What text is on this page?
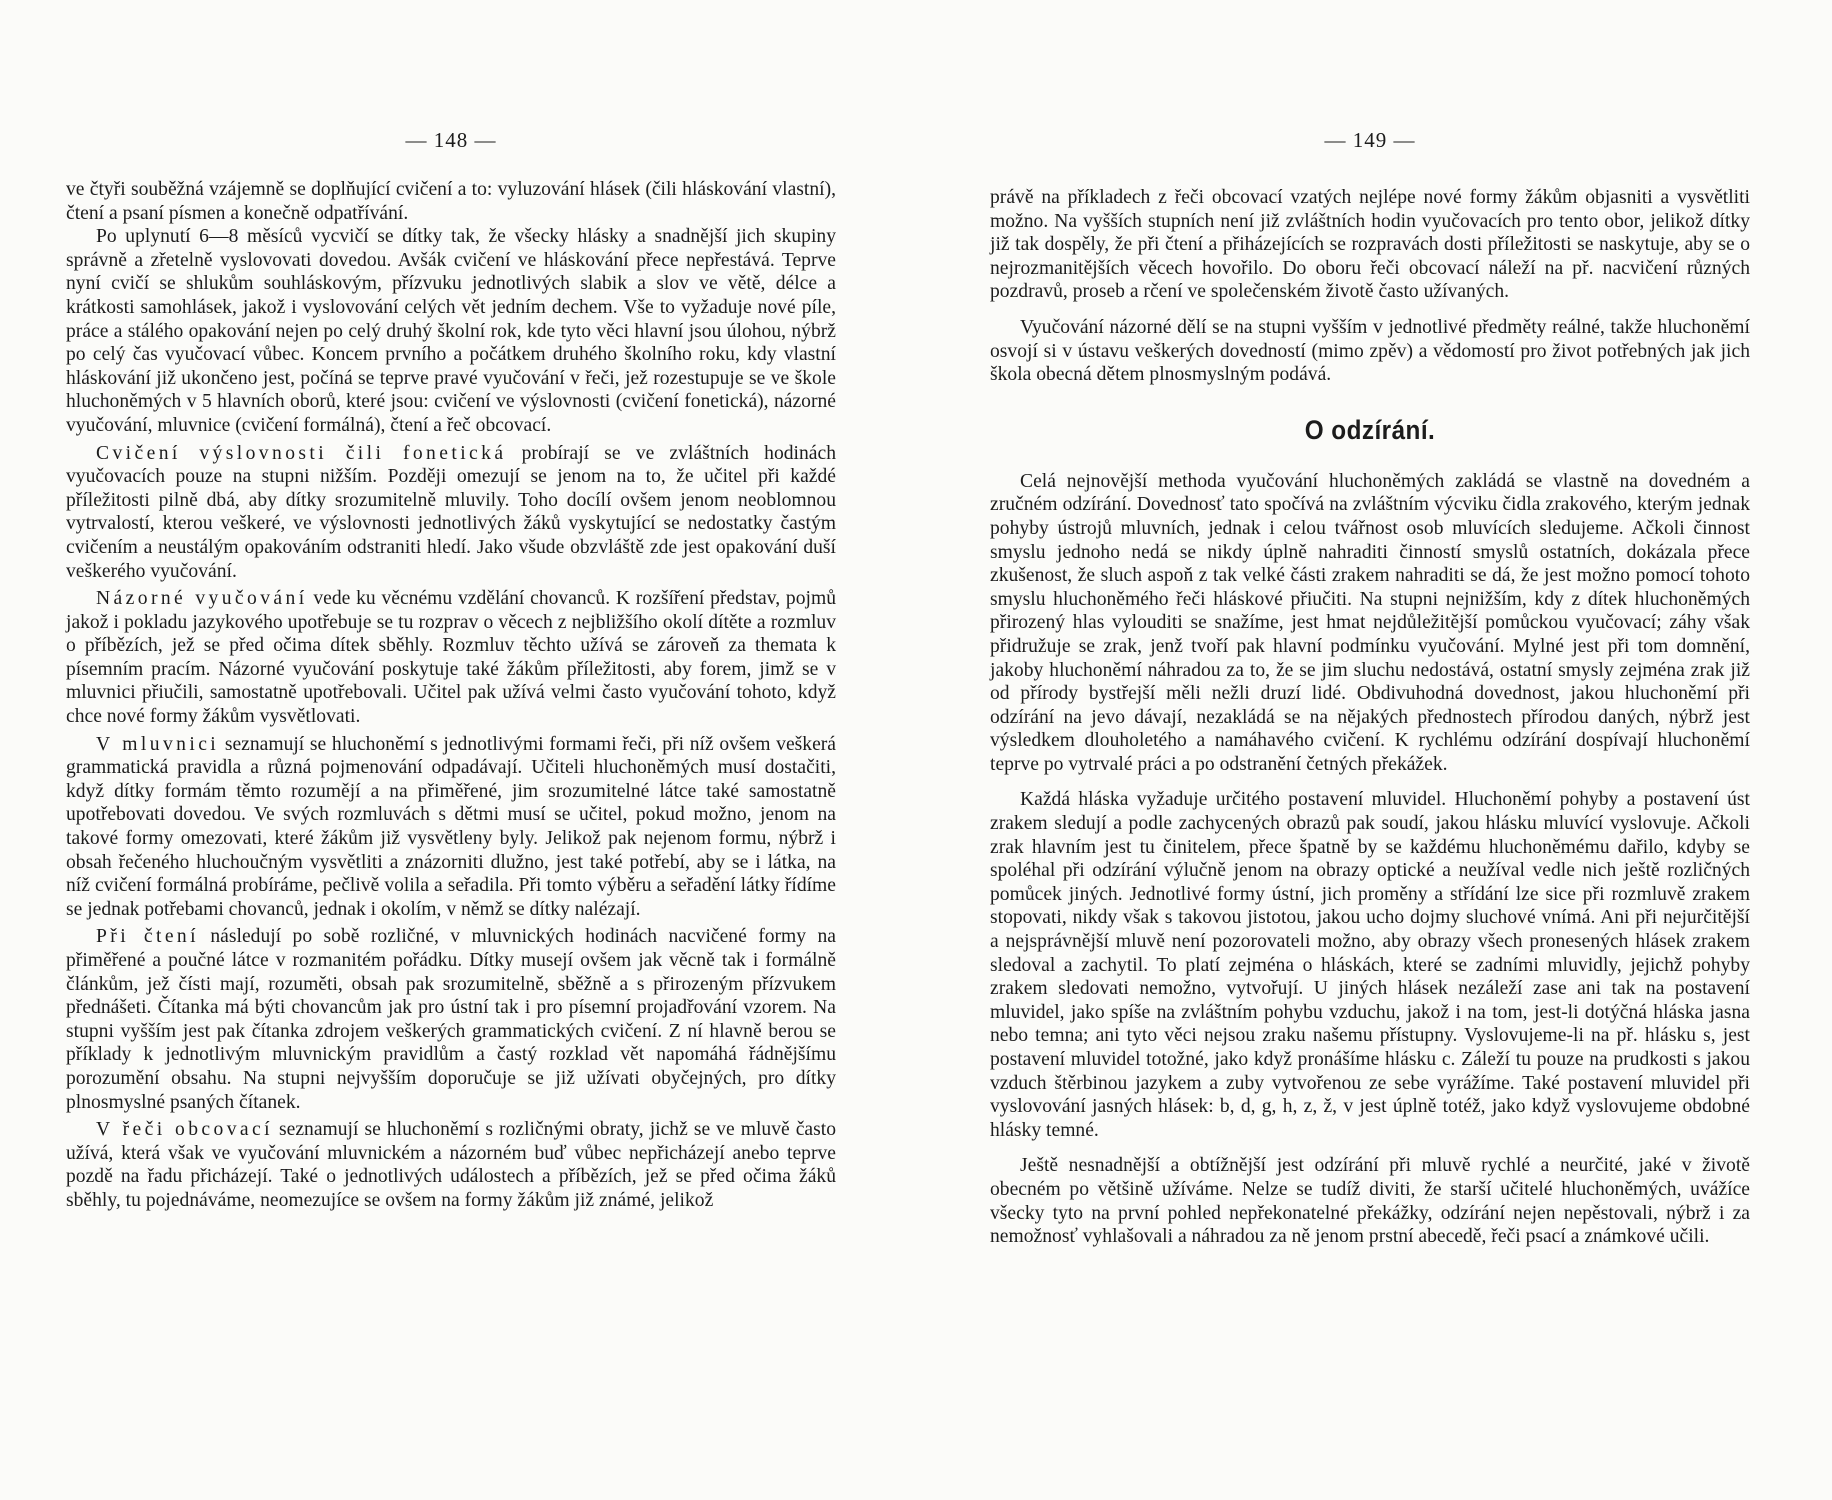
— 148 —

ve čtyři souběžná vzájemně se doplňující cvičení a to: vyluzování hlásek (čili hláskování vlastní), čtení a psaní písmen a konečně odpatřívání.

Po uplynutí 6—8 měsíců vycvičí se dítky tak, že všecky hlásky a snadnější jich skupiny správně a zřetelně vyslovovati dovedou. Avšák cvičení ve hláskování přece nepřestává. Teprve nyní cvičí se shlukům souhláskovým, přízvuku jednotlivých slabik a slov ve větě, délce a krátkosti samohlásek, jakož i vyslovování celých vět jedním dechem. Vše to vyžaduje nové píle, práce a stálého opakování nejen po celý druhý školní rok, kde tyto věci hlavní jsou úlohou, nýbrž po celý čas vyučovací vůbec. Koncem prvního a počátkem druhého školního roku, kdy vlastní hláskování již ukončeno jest, počíná se teprve pravé vyučování v řeči, jež rozestupuje se ve škole hluchoněmých v 5 hlavních oborů, které jsou: cvičení ve výslovnosti (cvičení fonetická), názorné vyučování, mluvnice (cvičení formálná), čtení a řeč obcovací.

Cvičení výslovnosti čili fonetická probírají se ve zvláštních hodinách vyučovacích pouze na stupni nižším. Později omezují se jenom na to, že učitel při každé příležitosti pilně dbá, aby dítky srozumitelně mluvily. Toho docílí ovšem jenom neoblomnou vytrvalostí, kterou veškeré, ve výslovnosti jednotlivých žáků vyskytující se nedostatky častým cvičením a neustálým opakováním odstraniti hledí. Jako všude obzvláště zde jest opakování duší veškerého vyučování.

Názorné vyučování vede ku věcnému vzdělání chovanců. K rozšíření představ, pojmů jakož i pokladu jazykového upotřebuje se tu rozprav o věcech z nejbližšího okolí dítěte a rozmluv o příbězích, jež se před očima dítek sběhly. Rozmluv těchto užívá se zároveň za themata k písemním pracím. Názorné vyučování poskytuje také žákům příležitosti, aby forem, jimž se v mluvnici přiučili, samostatně upotřebovali. Učitel pak užívá velmi často vyučování tohoto, když chce nové formy žákům vysvětlovati.

V mluvnici seznamují se hluchoněmí s jednotlivými formami řeči, při níž ovšem veškerá grammatická pravidla a různá pojmenování odpadávají. Učiteli hluchoněmých musí dostačiti, když dítky formám těmto rozumějí a na přiměřené, jim srozumitelné látce také samostatně upotřebovati dovedou. Ve svých rozmluvách s dětmi musí se učitel, pokud možno, jenom na takové formy omezovati, které žákům již vysvětleny byly. Jelikož pak nejenom formu, nýbrž i obsah řečeného hluchoučným vysvětliti a znázorniti dlužno, jest také potřebí, aby se i látka, na níž cvičení formálná probíráme, pečlivě volila a seřadila. Při tomto výběru a seřadění látky řídíme se jednak potřebami chovanců, jednak i okolím, v němž se dítky nalézají.

Při čtení následují po sobě rozličné, v mluvnických hodinách nacvičené formy na přiměřené a poučné látce v rozmanitém pořádku. Dítky musejí ovšem jak věcně tak i formálně článkům, jež čísti mají, rozuměti, obsah pak srozumitelně, sběžně a s přirozeným přízvukem přednášeti. Čítanka má býti chovancům jak pro ústní tak i pro písemní projadřování vzorem. Na stupni vyšším jest pak čítanka zdrojem veškerých grammatických cvičení. Z ní hlavně berou se příklady k jednotlivým mluvnickým pravidlům a častý rozklad vět napomáhá řádnějšímu porozumění obsahu. Na stupni nejvyšším doporučuje se již užívati obyčejných, pro dítky plnosmyslné psaných čítanek.

V řeči obcovací seznamují se hluchoněmí s rozličnými obraty, jichž se ve mluvě často užívá, která však ve vyučování mluvnickém a názorném buď vůbec nepřicházejí anebo teprve pozdě na řadu přicházejí. Také o jednotlivých událostech a příbězích, jež se před očima žáků sběhly, tu pojednáváme, neomezujíce se ovšem na formy žákům již známé, jelikož

— 149 —

právě na příkladech z řeči obcovací vzatých nejlépe nové formy žákům objasniti a vysvětliti možno. Na vyšších stupních není již zvláštních hodin vyučovacích pro tento obor, jelikož dítky již tak dospěly, že při čtení a přiházejících se rozpravách dosti příležitosti se naskytuje, aby se o nejrozmanitějších věcech hovořilo. Do oboru řeči obcovací náleží na př. nacvičení různých pozdravů, proseb a rčení ve společenském životě často užívaných.

Vyučování názorné dělí se na stupni vyšším v jednotlivé předměty reálné, takže hluchoněmí osvojí si v ústavu veškerých dovedností (mimo zpěv) a vědomostí pro život potřebných jak jich škola obecná dětem plnosmyslným podává.

O odzírání.

Celá nejnovější methoda vyučování hluchoněmých zakládá se vlastně na dovedném a zručném odzírání. Dovednosť tato spočívá na zvláštním výcviku čidla zrakového, kterým jednak pohyby ústrojů mluvních, jednak i celou tvářnost osob mluvících sledujeme. Ačkoli činnost smyslu jednoho nedá se nikdy úplně nahraditi činností smyslů ostatních, dokázala přece zkušenost, že sluch aspoň z tak velké části zrakem nahraditi se dá, že jest možno pomocí tohoto smyslu hluchoněmého řeči hláskové přiučiti. Na stupni nejnižším, kdy z dítek hluchoněmých přirozený hlas vylouditi se snažíme, jest hmat nejdůležitější pomůckou vyučovací; záhy však přidružuje se zrak, jenž tvoří pak hlavní podmínku vyučování. Mylné jest při tom domnění, jakoby hluchoněmí náhradou za to, že se jim sluchu nedostává, ostatní smysly zejména zrak již od přírody bystřejší měli nežli druzí lidé. Obdivuhodná dovednost, jakou hluchoněmí při odzírání na jevo dávají, nezakládá se na nějakých přednostech přírodou daných, nýbrž jest výsledkem dlouholetého a namáhavého cvičení. K rychlému odzírání dospívají hluchoněmí teprve po vytrvalé práci a po odstranění četných překážek.

Každá hláska vyžaduje určitého postavení mluvidel. Hluchoněmí pohyby a postavení úst zrakem sledují a podle zachycených obrazů pak soudí, jakou hlásku mluvící vyslovuje. Ačkoli zrak hlavním jest tu činitelem, přece špatně by se každému hluchoněmému dařilo, kdyby se spoléhal při odzírání výlučně jenom na obrazy optické a neužíval vedle nich ještě rozličných pomůcek jiných. Jednotlivé formy ústní, jich proměny a střídání lze sice při rozmluvě zrakem stopovati, nikdy však s takovou jistotou, jakou ucho dojmy sluchové vnímá. Ani při nejurčitější a nejsprávnější mluvě není pozorovateli možno, aby obrazy všech pronesených hlásek zrakem sledoval a zachytil. To platí zejména o hláskách, které se zadními mluvidly, jejichž pohyby zrakem sledovati nemožno, vytvořují. U jiných hlásek nezáleží zase ani tak na postavení mluvidel, jako spíše na zvláštním pohybu vzduchu, jakož i na tom, jest-li dotýčná hláska jasna nebo temna; ani tyto věci nejsou zraku našemu přístupny. Vyslovujeme-li na př. hlásku s, jest postavení mluvidel totožné, jako když pronášíme hlásku c. Záleží tu pouze na prudkosti s jakou vzduch štěrbinou jazykem a zuby vytvořenou ze sebe vyrážíme. Také postavení mluvidel při vyslovování jasných hlásek: b, d, g, h, z, ž, v jest úplně totéž, jako když vyslovujeme obdobné hlásky temné.

Ještě nesnadnější a obtížnější jest odzírání při mluvě rychlé a neurčité, jaké v životě obecném po většině užíváme. Nelze se tudíž diviti, že starší učitelé hluchoněmých, uvážíce všecky tyto na první pohled nepřekonatelné překážky, odzírání nejen nepěstovali, nýbrž i za nemožnosť vyhlašovali a náhradou za ně jenom prstní abecedě, řeči psací a známkové učili.
